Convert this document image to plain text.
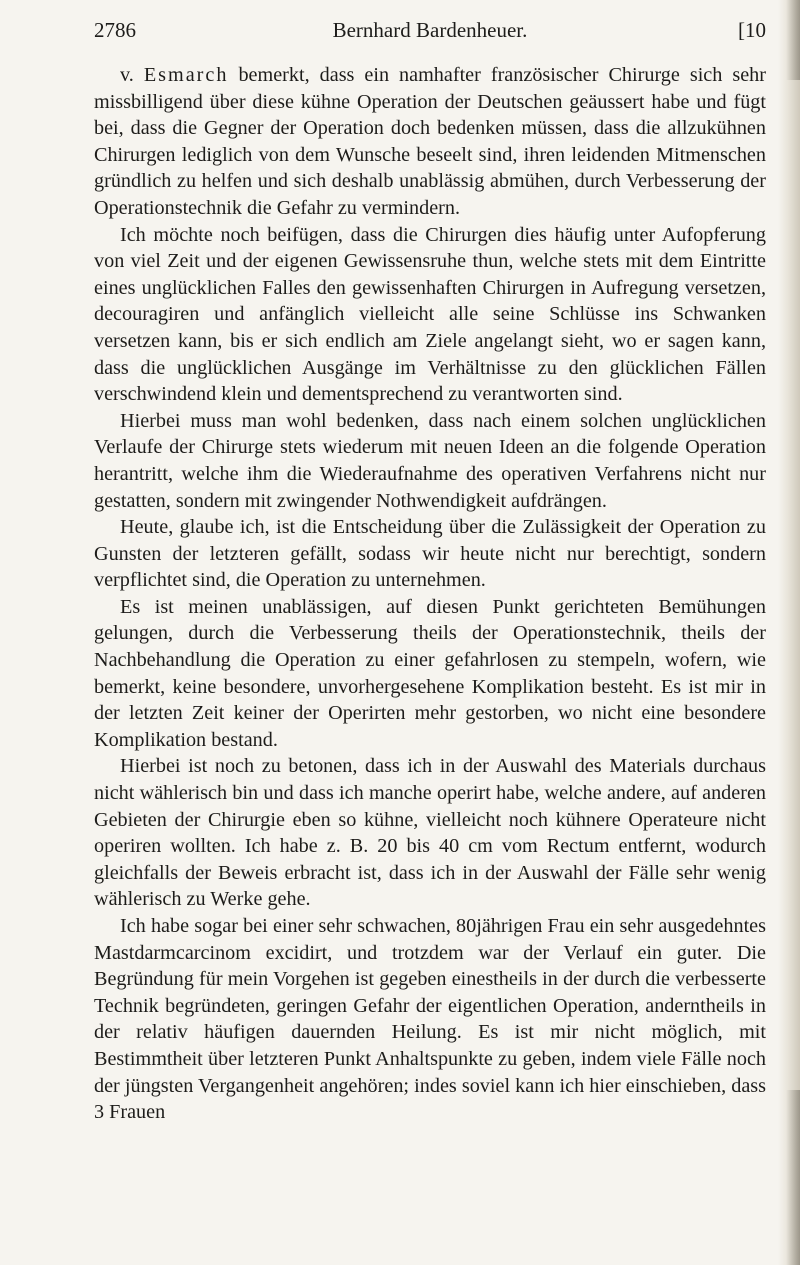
2786	Bernhard Bardenheuer.	[10

v. Esmarch bemerkt, dass ein namhafter französischer Chirurge sich sehr missbilligend über diese kühne Operation der Deutschen geäussert habe und fügt bei, dass die Gegner der Operation doch bedenken müssen, dass die allzukühnen Chirurgen lediglich von dem Wunsche beseelt sind, ihren leidenden Mitmenschen gründlich zu helfen und sich deshalb unablässig abmühen, durch Verbesserung der Operationstechnik die Gefahr zu vermindern.

Ich möchte noch beifügen, dass die Chirurgen dies häufig unter Aufopferung von viel Zeit und der eigenen Gewissensruhe thun, welche stets mit dem Eintritte eines unglücklichen Falles den gewissenhaften Chirurgen in Aufregung versetzen, decouragiren und anfänglich vielleicht alle seine Schlüsse ins Schwanken versetzen kann, bis er sich endlich am Ziele angelangt sieht, wo er sagen kann, dass die unglücklichen Ausgänge im Verhältnisse zu den glücklichen Fällen verschwindend klein und dementsprechend zu verantworten sind.

Hierbei muss man wohl bedenken, dass nach einem solchen unglücklichen Verlaufe der Chirurge stets wiederum mit neuen Ideen an die folgende Operation herantritt, welche ihm die Wiederaufnahme des operativen Verfahrens nicht nur gestatten, sondern mit zwingender Nothwendigkeit aufdrängen.

Heute, glaube ich, ist die Entscheidung über die Zulässigkeit der Operation zu Gunsten der letzteren gefällt, sodass wir heute nicht nur berechtigt, sondern verpflichtet sind, die Operation zu unternehmen.

Es ist meinen unablässigen, auf diesen Punkt gerichteten Bemühungen gelungen, durch die Verbesserung theils der Operationstechnik, theils der Nachbehandlung die Operation zu einer gefahrlosen zu stempeln, wofern, wie bemerkt, keine besondere, unvorhergesehene Komplikation besteht. Es ist mir in der letzten Zeit keiner der Operirten mehr gestorben, wo nicht eine besondere Komplikation bestand.

Hierbei ist noch zu betonen, dass ich in der Auswahl des Materials durchaus nicht wählerisch bin und dass ich manche operirt habe, welche andere, auf anderen Gebieten der Chirurgie eben so kühne, vielleicht noch kühnere Operateure nicht operiren wollten. Ich habe z. B. 20 bis 40 cm vom Rectum entfernt, wodurch gleichfalls der Beweis erbracht ist, dass ich in der Auswahl der Fälle sehr wenig wählerisch zu Werke gehe.

Ich habe sogar bei einer sehr schwachen, 80jährigen Frau ein sehr ausgedehntes Mastdarmcarcinom excidirt, und trotzdem war der Verlauf ein guter. Die Begründung für mein Vorgehen ist gegeben einestheils in der durch die verbesserte Technik begründeten, geringen Gefahr der eigentlichen Operation, anderntheils in der relativ häufigen dauernden Heilung. Es ist mir nicht möglich, mit Bestimmtheit über letzteren Punkt Anhaltspunkte zu geben, indem viele Fälle noch der jüngsten Vergangenheit angehören; indes soviel kann ich hier einschieben, dass 3 Frauen
